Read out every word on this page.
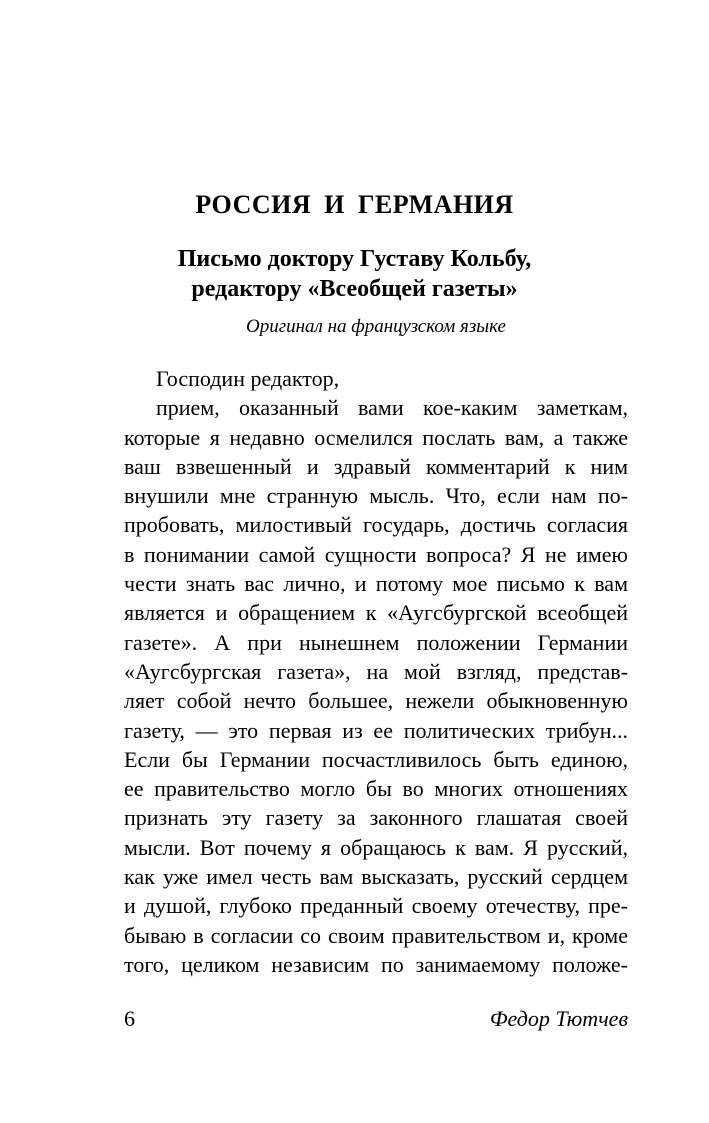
РОССИЯ И ГЕРМАНИЯ
Письмо доктору Густаву Кольбу,
редактору «Всеобщей газеты»
Оригинал на французском языке
Господин редактор,
прием, оказанный вами кое-каким заметкам,
которые я недавно осмелился послать вам, а также
ваш взвешенный и здравый комментарий к ним
внушили мне странную мысль. Что, если нам по-
пробовать, милостивый государь, достичь согласия
в понимании самой сущности вопроса? Я не имею
чести знать вас лично, и потому мое письмо к вам
является и обращением к «Аугсбургской всеобщей
газете». А при нынешнем положении Германии
«Аугсбургская газета», на мой взгляд, представ-
ляет собой нечто большее, нежели обыкновенную
газету, — это первая из ее политических трибун...
Если бы Германии посчастливилось быть единою,
ее правительство могло бы во многих отношениях
признать эту газету за законного глашатая своей
мысли. Вот почему я обращаюсь к вам. Я русский,
как уже имел честь вам высказать, русский сердцем
и душой, глубоко преданный своему отечеству, пре-
бываю в согласии со своим правительством и, кроме
того, целиком независим по занимаемому положе-
6	Федор Тютчев
